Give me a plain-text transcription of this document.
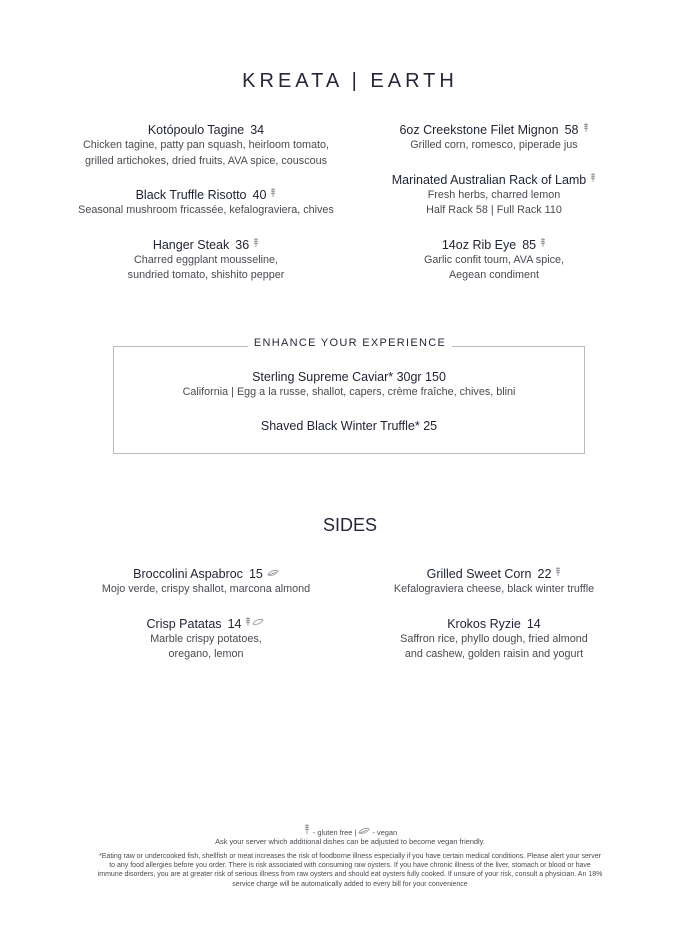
KREATA | EARTH
Kotópoulo Tagine 34
Chicken tagine, patty pan squash, heirloom tomato,
grilled artichokes, dried fruits, AVA spice, couscous
Black Truffle Risotto 40
Seasonal mushroom fricassée, kefalograviera, chives
Hanger Steak 36
Charred eggplant mousseline,
sundried tomato, shishito pepper
6oz Creekstone Filet Mignon 58
Grilled corn, romesco, piperade jus
Marinated Australian Rack of Lamb
Fresh herbs, charred lemon
Half Rack 58 | Full Rack 110
14oz Rib Eye 85
Garlic confit toum, AVA spice,
Aegean condiment
ENHANCE YOUR EXPERIENCE
Sterling Supreme Caviar* 30gr 150
California | Egg a la russe, shallot, capers, crème fraîche, chives, blini
Shaved Black Winter Truffle* 25
SIDES
Broccolini Aspabroc 15
Mojo verde, crispy shallot, marcona almond
Crisp Patatas 14
Marble crispy potatoes,
oregano, lemon
Grilled Sweet Corn 22
Kefalograviera cheese, black winter truffle
Krokos Ryzie 14
Saffron rice, phyllo dough, fried almond
and cashew, golden raisin and yogurt
- gluten free | - vegan
Ask your server which additional dishes can be adjusted to become vegan friendly.
*Eating raw or undercooked fish, shellfish or meat increases the risk of foodborne illness especially if you have certain medical conditions. Please alert your server to any food allergies before you order. There is risk associated with consuming raw oysters. If you have chronic illness of the liver, stomach or blood or have immune disorders, you are at greater risk of serious illness from raw oysters and should eat oysters fully cooked. If unsure of your risk, consult a physician. An 18% service charge will be automatically added to every bill for your convenience
